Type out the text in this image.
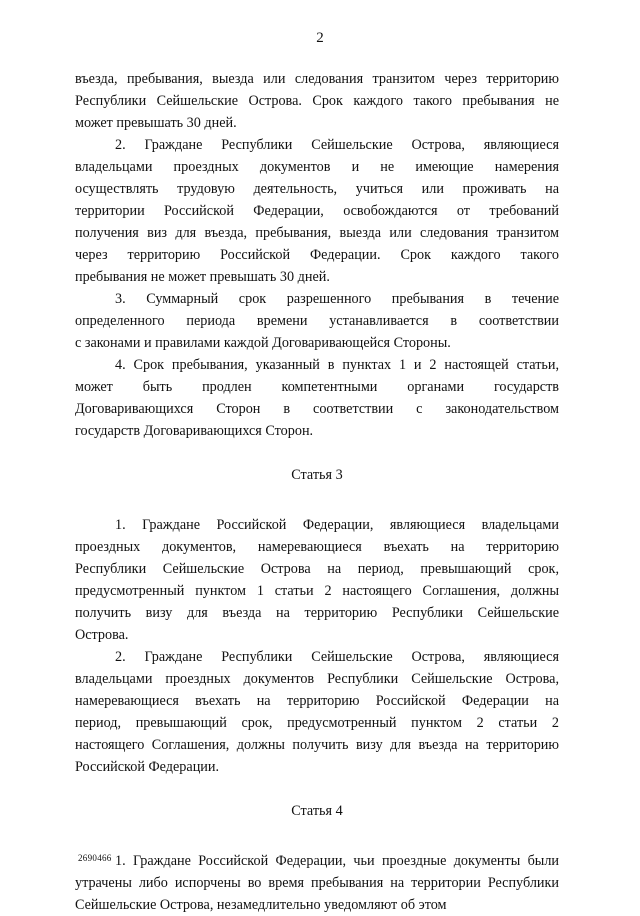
2

въезда, пребывания, выезда или следования транзитом через территорию
Республики Сейшельские Острова. Срок каждого такого пребывания не
может превышать 30 дней.

2. Граждане Республики Сейшельские Острова, являющиеся
владельцами проездных документов и не имеющие намерения
осуществлять трудовую деятельность, учиться или проживать на
территории Российской Федерации, освобождаются от требований
получения виз для въезда, пребывания, выезда или следования транзитом
через территорию Российской Федерации. Срок каждого такого
пребывания не может превышать 30 дней.

3. Суммарный срок разрешенного пребывания в течение
определенного периода времени устанавливается в соответствии
с законами и правилами каждой Договаривающейся Стороны.

4. Срок пребывания, указанный в пунктах 1 и 2 настоящей статьи,
может быть продлен компетентными органами государств
Договаривающихся Сторон в соответствии с законодательством
государств Договаривающихся Сторон.

Статья 3

1. Граждане Российской Федерации, являющиеся владельцами
проездных документов, намеревающиеся въехать на территорию
Республики Сейшельские Острова на период, превышающий срок,
предусмотренный пунктом 1 статьи 2 настоящего Соглашения, должны
получить визу для въезда на территорию Республики Сейшельские
Острова.

2. Граждане Республики Сейшельские Острова, являющиеся
владельцами проездных документов Республики Сейшельские Острова,
намеревающиеся въехать на территорию Российской Федерации на
период, превышающий срок, предусмотренный пунктом 2 статьи 2
настоящего Соглашения, должны получить визу для въезда на территорию
Российской Федерации.

Статья 4

1. Граждане Российской Федерации, чьи проездные документы были
утрачены либо испорчены во время пребывания на территории Республики
Сейшельские Острова, незамедлительно уведомляют об этом

2690466
